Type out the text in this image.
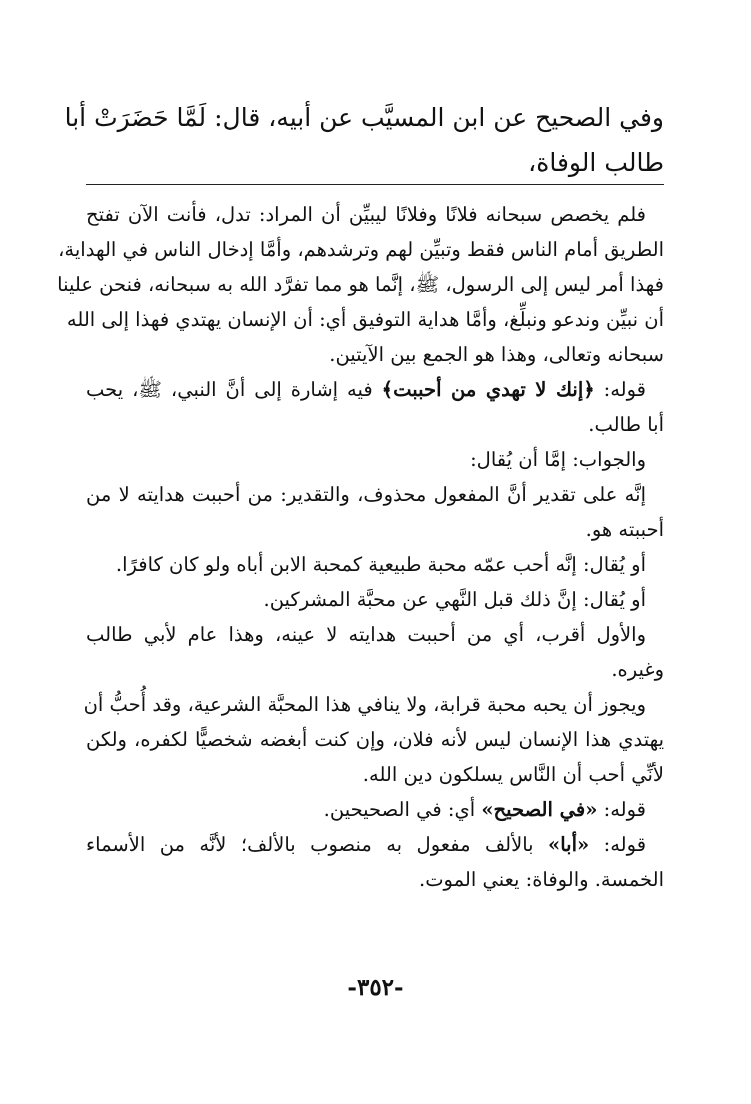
وفي الصحيح عن ابن المسيَّب عن أبيه، قال: لَمَّا حَضَرَتْ أبا
طالب الوفاة،
فلم يخصص سبحانه فلانًا وفلانًا ليبيِّن أن المراد: تدل، فأنت الآن تفتح
الطريق أمام الناس فقط وتبيِّن لهم وترشدهم، وأمَّا إدخال الناس في الهداية،
فهذا أمر ليس إلى الرسول، ﷺ، إنَّما هو مما تفرَّد الله به سبحانه، فنحن علينا
أن نبيِّن وندعو ونبلِّغ، وأمَّا هداية التوفيق أي: أن الإنسان يهتدي فهذا إلى الله
سبحانه وتعالى، وهذا هو الجمع بين الآيتين.
قوله: ﴿إنك لا تهدي من أحببت﴾ فيه إشارة إلى أنَّ النبي، ﷺ، يحب
أبا طالب.
والجواب: إمَّا أن يُقال:
إنَّه على تقدير أنَّ المفعول محذوف، والتقدير: من أحببت هدايته لا من
أحببته هو.
أو يُقال: إنَّه أحب عمّه محبة طبيعية كمحبة الابن أباه ولو كان كافرًا.
أو يُقال: إنَّ ذلك قبل النَّهي عن محبَّة المشركين.
والأول أقرب، أي من أحببت هدايته لا عينه، وهذا عام لأبي طالب
وغيره.
ويجوز أن يحبه محبة قرابة، ولا ينافي هذا المحبَّة الشرعية، وقد أُحبُّ أن
يهتدي هذا الإنسان ليس لأنه فلان، وإن كنت أبغضه شخصيًّا لكفره، ولكن
لأنِّي أحب أن النَّاس يسلكون دين الله.
قوله: «في الصحيح» أي: في الصحيحين.
قوله: «أبا» بالألف مفعول به منصوب بالألف؛ لأنَّه من الأسماء
الخمسة. والوفاة: يعني الموت.
-٣٥٢-
